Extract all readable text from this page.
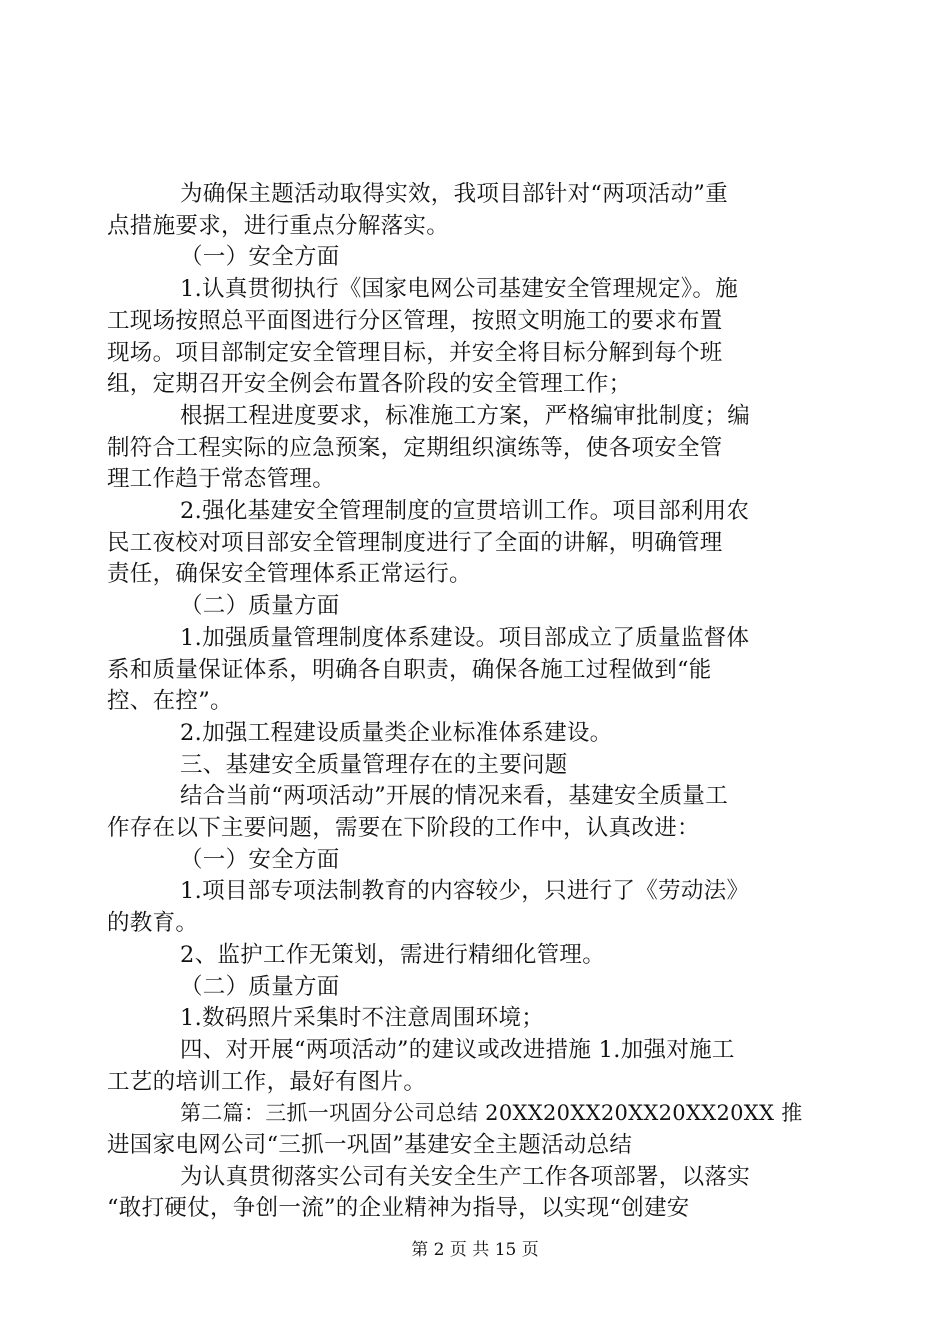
为确保主题活动取得实效，我项目部针对“两项活动”重
点措施要求，进行重点分解落实。
（一）安全方面
1.认真贯彻执行《国家电网公司基建安全管理规定》。施
工现场按照总平面图进行分区管理，按照文明施工的要求布置
现场。项目部制定安全管理目标，并安全将目标分解到每个班
组，定期召开安全例会布置各阶段的安全管理工作；
根据工程进度要求，标准施工方案，严格编审批制度；编
制符合工程实际的应急预案，定期组织演练等，使各项安全管
理工作趋于常态管理。
2.强化基建安全管理制度的宣贯培训工作。项目部利用农
民工夜校对项目部安全管理制度进行了全面的讲解，明确管理
责任，确保安全管理体系正常运行。
（二）质量方面
1.加强质量管理制度体系建设。项目部成立了质量监督体
系和质量保证体系，明确各自职责，确保各施工过程做到“能
控、在控”。
2.加强工程建设质量类企业标准体系建设。
三、基建安全质量管理存在的主要问题
结合当前“两项活动”开展的情况来看，基建安全质量工
作存在以下主要问题，需要在下阶段的工作中，认真改进：
（一）安全方面
1.项目部专项法制教育的内容较少，只进行了《劳动法》
的教育。
2、监护工作无策划，需进行精细化管理。
（二）质量方面
1.数码照片采集时不注意周围环境；
四、对开展“两项活动”的建议或改进措施 1.加强对施工
工艺的培训工作，最好有图片。
第二篇：三抓一巩固分公司总结 20XX20XX20XX20XX20XX 推
进国家电网公司“三抓一巩固”基建安全主题活动总结
为认真贯彻落实公司有关安全生产工作各项部署，以落实
“敢打硬仗，争创一流”的企业精神为指导，以实现“创建安
第 2 页 共 15 页
